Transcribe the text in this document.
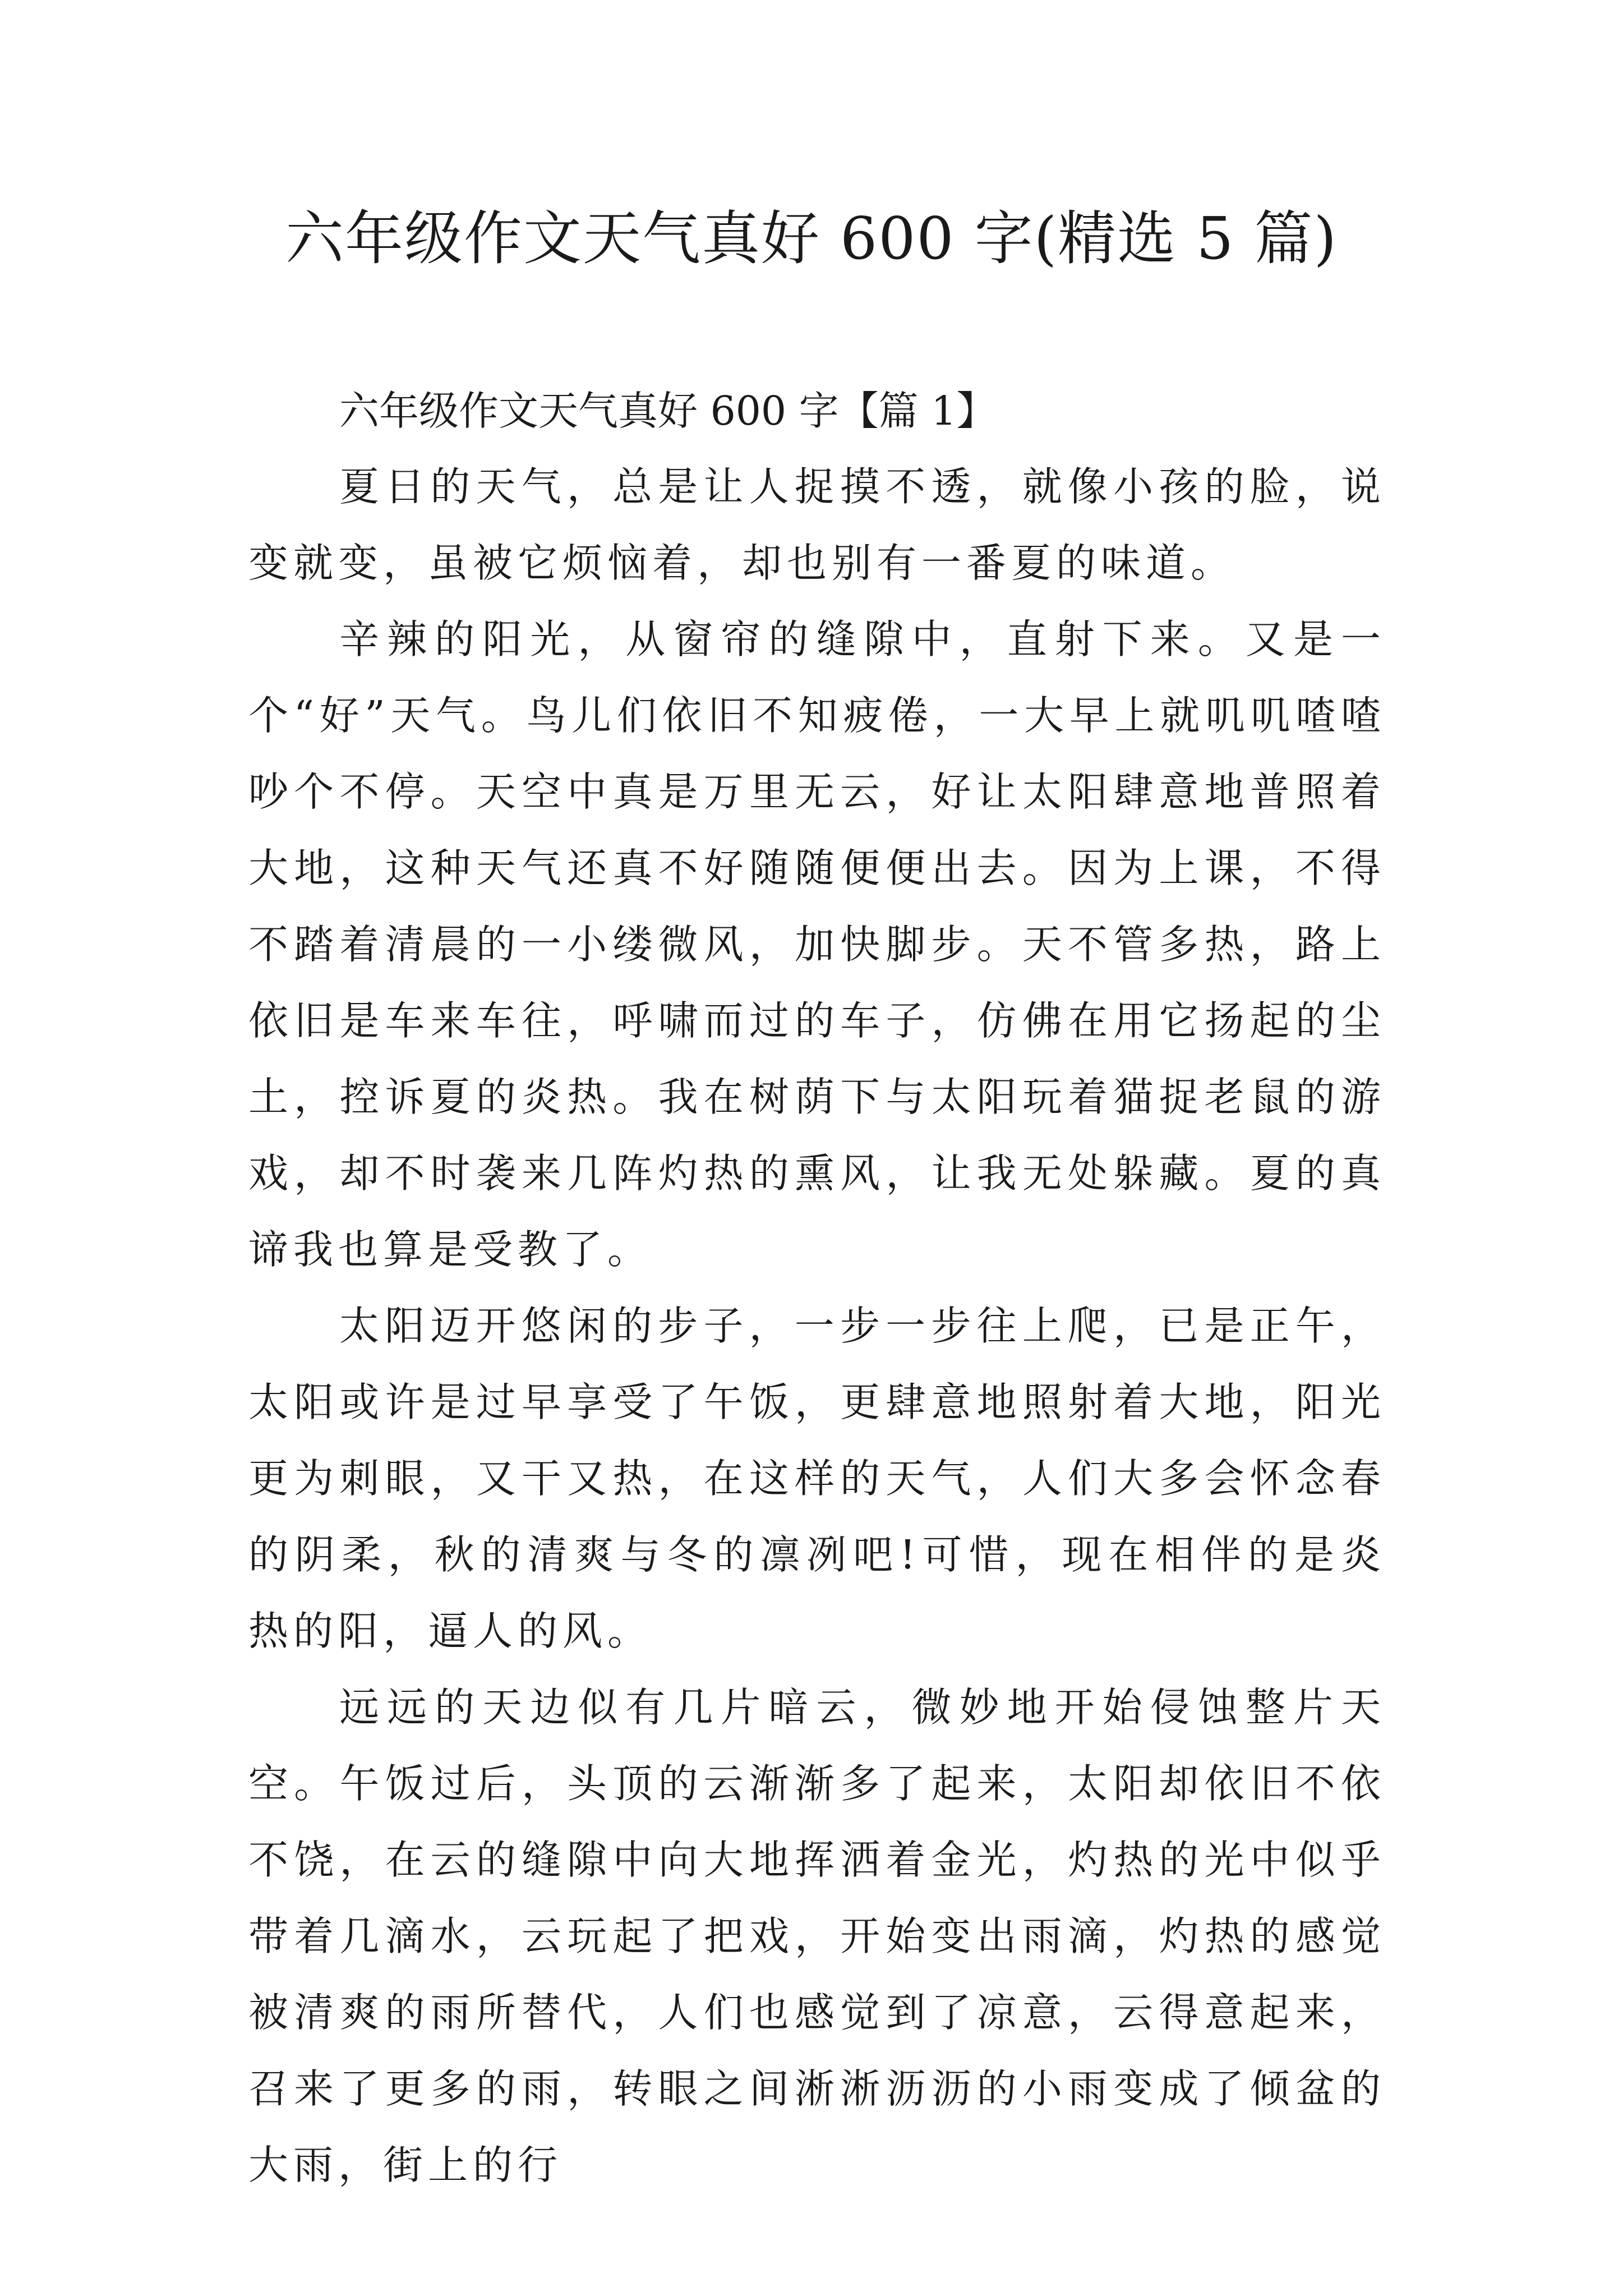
六年级作文天气真好 600 字(精选 5 篇)

六年级作文天气真好 600 字【篇 1】

夏日的天气，总是让人捉摸不透，就像小孩的脸，说变就变，虽被它烦恼着，却也别有一番夏的味道。

辛辣的阳光，从窗帘的缝隙中，直射下来。又是一个“好”天气。鸟儿们依旧不知疲倦，一大早上就叽叽喳喳吵个不停。天空中真是万里无云，好让太阳肆意地普照着大地，这种天气还真不好随随便便出去。因为上课，不得不踏着清晨的一小缕微风，加快脚步。天不管多热，路上依旧是车来车往，呼啸而过的车子，仿佛在用它扬起的尘土，控诉夏的炎热。我在树荫下与太阳玩着猫捉老鼠的游戏，却不时袭来几阵灼热的熏风，让我无处躲藏。夏的真谛我也算是受教了。

太阳迈开悠闲的步子，一步一步往上爬，已是正午，太阳或许是过早享受了午饭，更肆意地照射着大地，阳光更为刺眼，又干又热，在这样的天气，人们大多会怀念春的阴柔，秋的清爽与冬的凛冽吧!可惜，现在相伴的是炎热的阳，逼人的风。

远远的天边似有几片暗云，微妙地开始侵蚀整片天空。午饭过后，头顶的云渐渐多了起来，太阳却依旧不依不饶，在云的缝隙中向大地挥洒着金光，灼热的光中似乎带着几滴水，云玩起了把戏，开始变出雨滴，灼热的感觉被清爽的雨所替代，人们也感觉到了凉意，云得意起来，召来了更多的雨，转眼之间淅淅沥沥的小雨变成了倾盆的大雨，街上的行
